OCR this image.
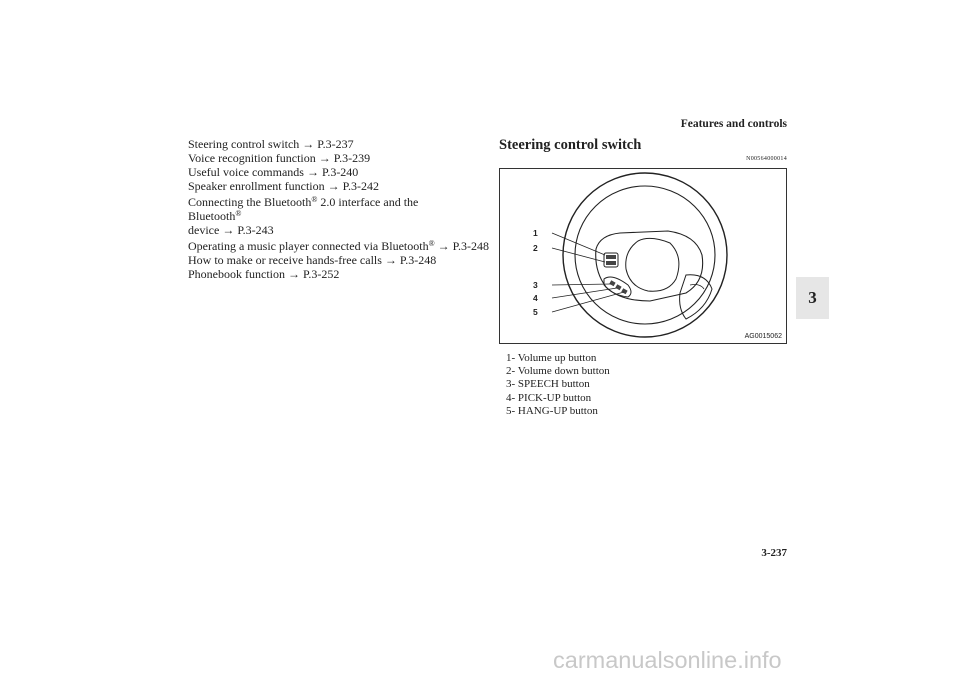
Features and controls
Steering control switch → P.3-237
Voice recognition function → P.3-239
Useful voice commands → P.3-240
Speaker enrollment function → P.3-242
Connecting the Bluetooth® 2.0 interface and the Bluetooth®
device → P.3-243
Operating a music player connected via Bluetooth® → P.3-248
How to make or receive hands-free calls → P.3-248
Phonebook function → P.3-252
Steering control switch
N00564000014
1
2
3
4
5
AG0015062
1- Volume up button
2- Volume down button
3- SPEECH button
4- PICK-UP button
5- HANG-UP button
3
3-237
carmanualsonline.info
